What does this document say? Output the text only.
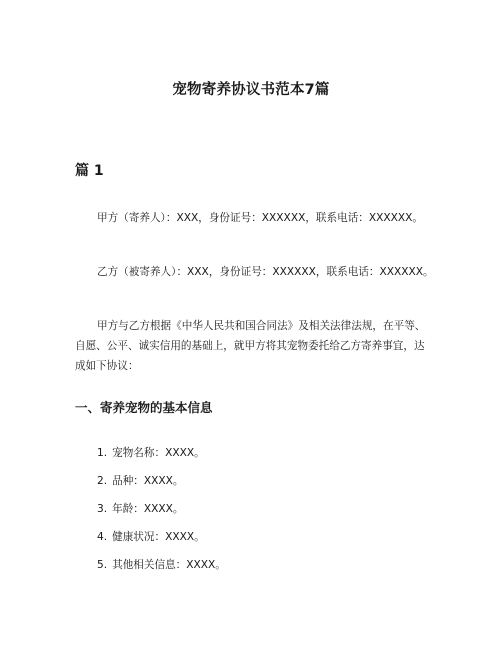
宠物寄养协议书范本7篇
篇 1

甲方（寄养人）：XXX，身份证号：XXXXXX，联系电话：XXXXXX。

乙方（被寄养人）：XXX，身份证号：XXXXXX，联系电话：XXXXXX。

甲方与乙方根据《中华人民共和国合同法》及相关法律法规，在平等、自愿、公平、诚实信用的基础上，就甲方将其宠物委托给乙方寄养事宜，达成如下协议：

一、寄养宠物的基本信息
1. 宠物名称：XXXX。
2. 品种：XXXX。
3. 年龄：XXXX。
4. 健康状况：XXXX。
5. 其他相关信息：XXXX。
